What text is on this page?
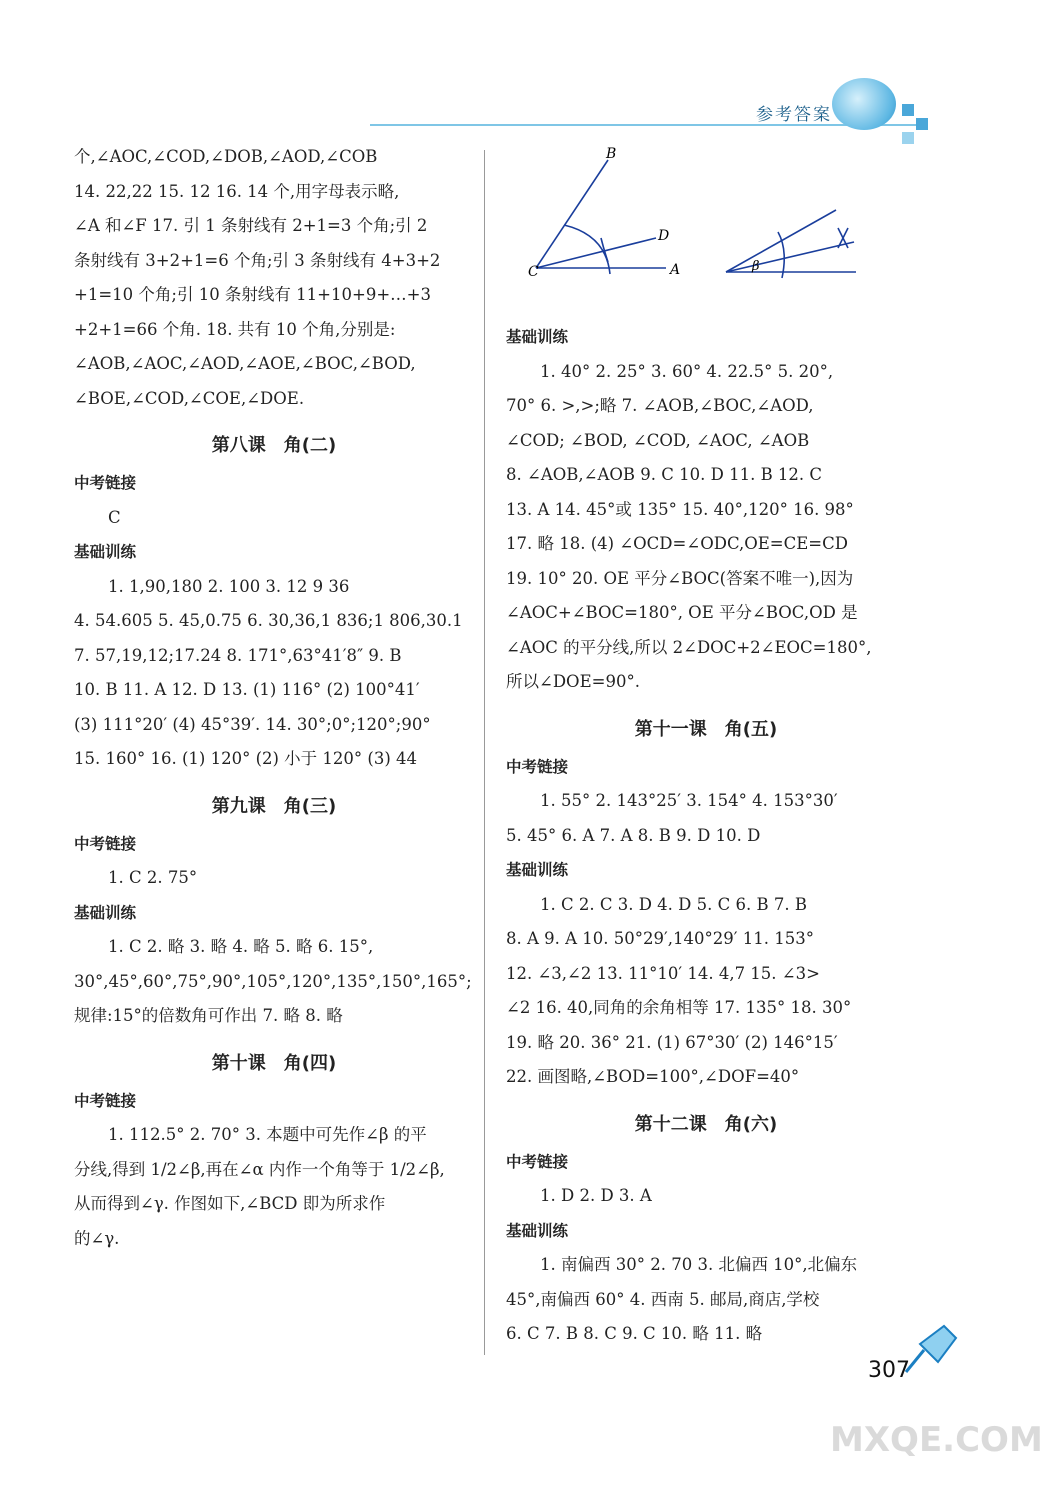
参考答案
个,∠AOC,∠COD,∠DOB,∠AOD,∠COB
14. 22,22 15. 12 16. 14 个,用字母表示略,
∠A 和∠F 17. 引 1 条射线有 2+1=3 个角;引 2
条射线有 3+2+1=6 个角;引 3 条射线有 4+3+2
+1=10 个角;引 10 条射线有 11+10+9+…+3
+2+1=66 个角. 18. 共有 10 个角,分别是:
∠AOB,∠AOC,∠AOD,∠AOE,∠BOC,∠BOD,
∠BOE,∠COD,∠COE,∠DOE.
第八课　角(二)
中考链接
C
基础训练
1. 1,90,180 2. 100 3. 12 9 36
4. 54.605 5. 45,0.75 6. 30,36,1 836;1 806,30.1
7. 57,19,12;17.24 8. 171°,63°41′8″ 9. B
10. B 11. A 12. D 13. (1) 116° (2) 100°41′
(3) 111°20′ (4) 45°39′. 14. 30°;0°;120°;90°
15. 160° 16. (1) 120° (2) 小于 120° (3) 44
第九课　角(三)
中考链接
1. C 2. 75°
基础训练
1. C 2. 略 3. 略 4. 略 5. 略 6. 15°,
30°,45°,60°,75°,90°,105°,120°,135°,150°,165°;
规律:15°的倍数角可作出 7. 略 8. 略
第十课　角(四)
中考链接
1. 112.5° 2. 70° 3. 本题中可先作∠β 的平
分线,得到 1/2∠β,再在∠α 内作一个角等于 1/2∠β,
从而得到∠γ. 作图如下,∠BCD 即为所求作
的∠γ.
B
C
D
A	β
基础训练
1. 40° 2. 25° 3. 60° 4. 22.5° 5. 20°,
70° 6. >,>;略 7. ∠AOB,∠BOC,∠AOD,
∠COD; ∠BOD, ∠COD, ∠AOC, ∠AOB
8. ∠AOB,∠AOB 9. C 10. D 11. B 12. C
13. A 14. 45°或 135° 15. 40°,120° 16. 98°
17. 略 18. (4) ∠OCD=∠ODC,OE=CE=CD
19. 10° 20. OE 平分∠BOC(答案不唯一),因为
∠AOC+∠BOC=180°, OE 平分∠BOC,OD 是
∠AOC 的平分线,所以 2∠DOC+2∠EOC=180°,
所以∠DOE=90°.
第十一课　角(五)
中考链接
1. 55° 2. 143°25′ 3. 154° 4. 153°30′
5. 45° 6. A 7. A 8. B 9. D 10. D
基础训练
1. C 2. C 3. D 4. D 5. C 6. B 7. B
8. A 9. A 10. 50°29′,140°29′ 11. 153°
12. ∠3,∠2 13. 11°10′ 14. 4,7 15. ∠3>
∠2 16. 40,同角的余角相等 17. 135° 18. 30°
19. 略 20. 36° 21. (1) 67°30′ (2) 146°15′
22. 画图略,∠BOD=100°,∠DOF=40°
第十二课　角(六)
中考链接
1. D 2. D 3. A
基础训练
1. 南偏西 30° 2. 70 3. 北偏西 10°,北偏东
45°,南偏西 60° 4. 西南 5. 邮局,商店,学校
6. C 7. B 8. C 9. C 10. 略 11. 略
307
MXQE.COM
